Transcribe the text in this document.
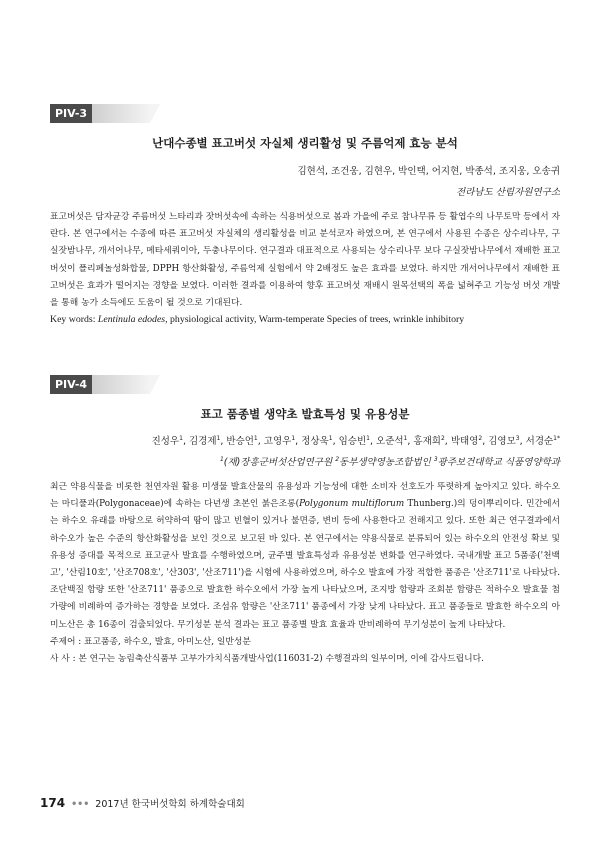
PIV-3

난대수종별 표고버섯 자실체 생리활성 및 주름억제 효능 분석

김현석, 조건웅, 김현우, 박인택, 어지현, 박종석, 조지웅, 오송귀

전라남도 산림자원연구소

표고버섯은 담자균강 주름버섯 느타리과 잣버섯속에 속하는 식용버섯으로 봄과 가을에 주로 참나무류 등 활엽수의 나무토막 등에서 자란다. 본 연구에서는 수종에 따른 표고버섯 자실체의 생리활성을 비교 분석코자 하였으며, 본 연구에서 사용된 수종은 상수리나무, 구실잣밤나무, 개서어나무, 메타세쿼이아, 두충나무이다. 연구결과 대표적으로 사용되는 상수리나무 보다 구실잣밤나무에서 재배한 표고버섯이 폴리페놀성화합물, DPPH 항산화활성, 주름억제 실험에서 약 2배정도 높은 효과를 보였다. 하지만 개서어나무에서 재배한 표고버섯은 효과가 떨어지는 경향을 보였다. 이러한 결과를 이용하여 향후 표고버섯 재배시 원목선택의 폭을 넓혀주고 기능성 버섯 개발을 통해 농가 소득에도 도움이 될 것으로 기대된다.

Key words: Lentinula edodes, physiological activity, Warm-temperate Species of trees, wrinkle inhibitory

PIV-4

표고 품종별 생약초 발효특성 및 유용성분

진성우$^1$, 김경제$^1$, 반승언$^1$, 고영우$^1$, 정상욱$^1$, 임승빈$^1$, 오준석$^1$, 홍재희$^2$, 박태영$^2$, 김영모$^3$, 서경순$^{1*}$

$^1$(재)장흥군버섯산업연구원 $^2$동부생약영농조합법인 $^3$광주보건대학교 식품영양학과

최근 약용식물을 비롯한 천연자원 활용 미생물 발효산물의 유용성과 기능성에 대한 소비자 선호도가 뚜렷하게 높아지고 있다. 하수오는 마디풀과(Polygonaceae)에 속하는 다년생 초본인 붉은조롱(Polygonum multiflorum Thunberg.)의 덩이뿌리이다. 민간에서는 하수오 유래를 바탕으로 허약하여 땀이 많고 빈혈이 있거나 불면증, 변비 등에 사용한다고 전해지고 있다. 또한 최근 연구결과에서 하수오가 높은 수준의 항산화활성을 보인 것으로 보고된 바 있다. 본 연구에서는 약용식물로 분류되어 있는 하수오의 안전성 확보 및 유용성 증대를 목적으로 표고균사 발효를 수행하였으며, 균주별 발효특성과 유용성분 변화를 연구하였다. 국내개발 표고 5품종('천백고', '산림10호', '산조708호', '산303', '산조711')을 시험에 사용하였으며, 하수오 발효에 가장 적합한 품종은 '산조711'로 나타났다. 조단백질 함량 또한 '산조711' 품종으로 발효한 하수오에서 가장 높게 나타났으며, 조지방 함량과 조회분 함량은 적하수오 발효물 첨가량에 비례하여 증가하는 경향을 보였다. 조섬유 함량은 '산조711' 품종에서 가장 낮게 나타났다. 표고 품종들로 발효한 하수오의 아미노산은 총 16종이 검출되었다. 무기성분 분석 결과는 표고 품종별 발효 효율과 반비례하여 무기성분이 높게 나타났다.

주제어 : 표고품종, 하수오, 발효, 아미노산, 일반성분

사 사 : 본 연구는 농림축산식품부 고부가가치식품개발사업(116031-2) 수행결과의 일부이며, 이에 감사드립니다.

174 ••• 2017년 한국버섯학회 하계학술대회
